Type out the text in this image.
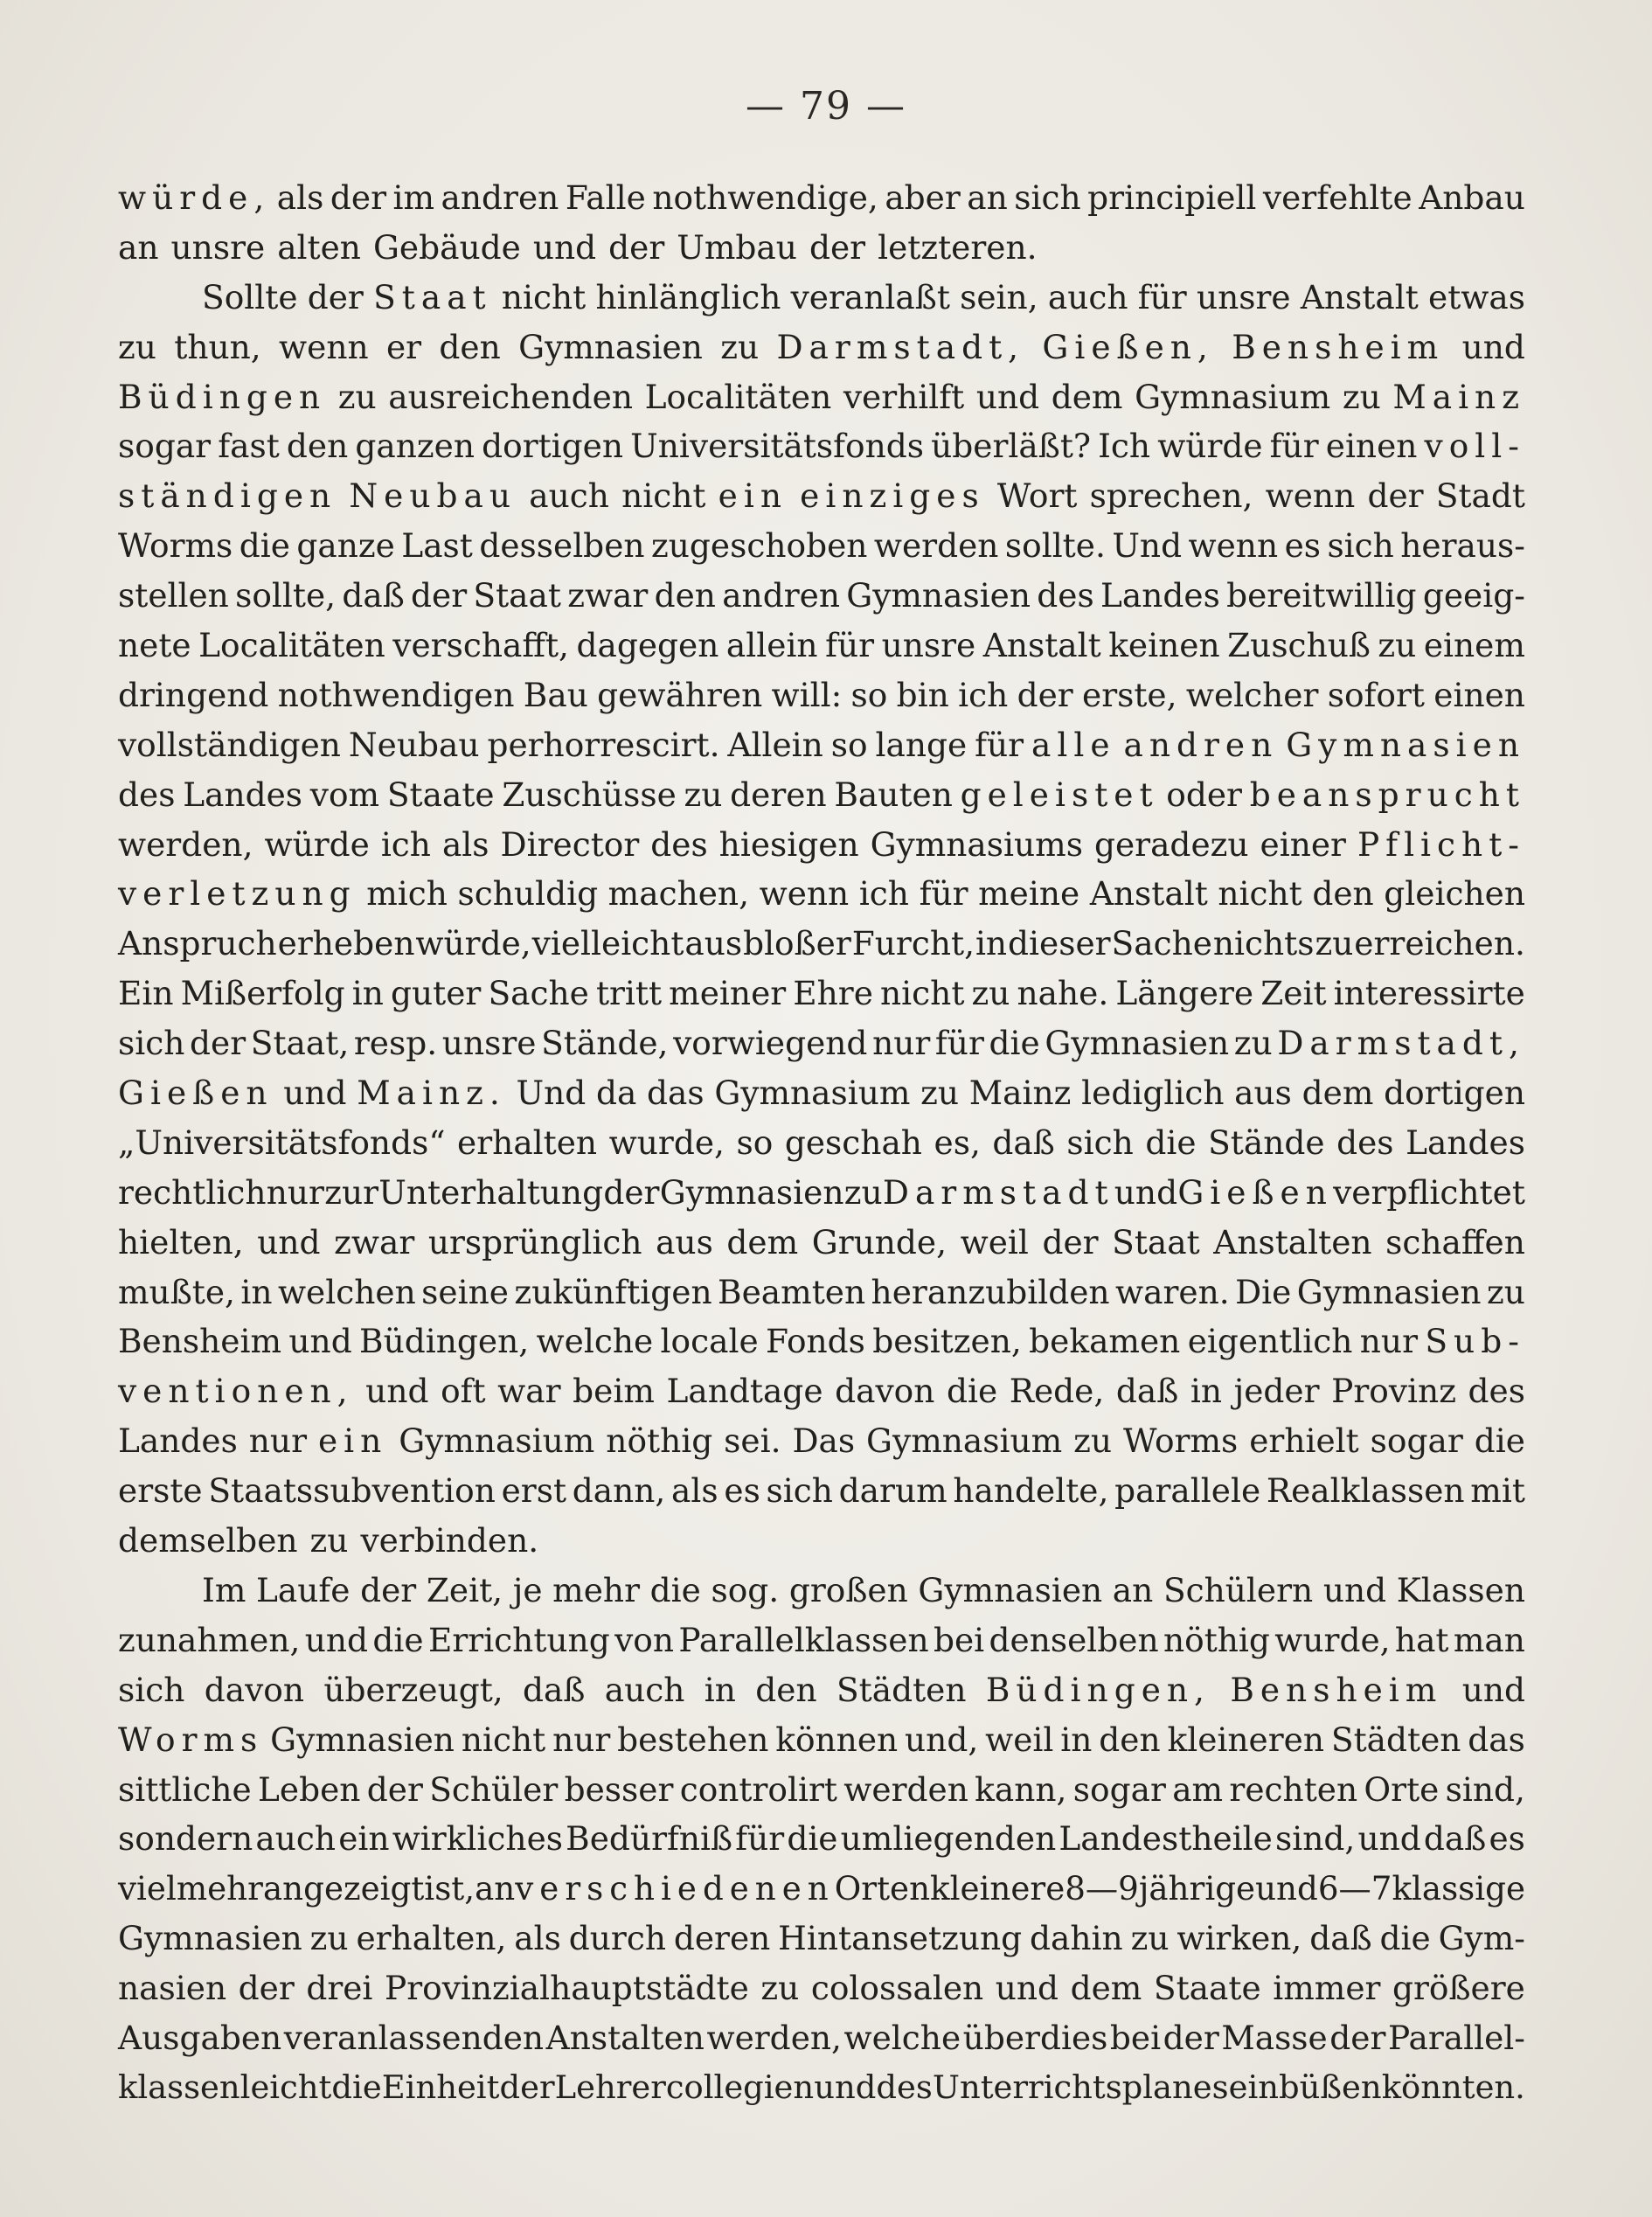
— 79 —
würde, als der im andren Falle nothwendige, aber an sich principiell verfehlte Anbau
an unsre alten Gebäude und der Umbau der letzteren.
Sollte der Staat nicht hinlänglich veranlaßt sein, auch für unsre Anstalt etwas
zu thun, wenn er den Gymnasien zu Darmstadt, Gießen, Bensheim und
Büdingen zu ausreichenden Localitäten verhilft und dem Gymnasium zu Mainz
sogar fast den ganzen dortigen Universitätsfonds überläßt? Ich würde für einen voll-
ständigen Neubau auch nicht ein einziges Wort sprechen, wenn der Stadt
Worms die ganze Last desselben zugeschoben werden sollte. Und wenn es sich heraus-
stellen sollte, daß der Staat zwar den andren Gymnasien des Landes bereitwillig geeig-
nete Localitäten verschafft, dagegen allein für unsre Anstalt keinen Zuschuß zu einem
dringend nothwendigen Bau gewähren will: so bin ich der erste, welcher sofort einen
vollständigen Neubau perhorrescirt. Allein so lange für alle andren Gymnasien
des Landes vom Staate Zuschüsse zu deren Bauten geleistet oder beansprucht
werden, würde ich als Director des hiesigen Gymnasiums geradezu einer Pflicht-
verletzung mich schuldig machen, wenn ich für meine Anstalt nicht den gleichen
Anspruch erheben würde, vielleicht aus bloßer Furcht, in dieser Sache nichts zu erreichen.
Ein Mißerfolg in guter Sache tritt meiner Ehre nicht zu nahe. Längere Zeit interessirte
sich der Staat, resp. unsre Stände, vorwiegend nur für die Gymnasien zu Darmstadt,
Gießen und Mainz. Und da das Gymnasium zu Mainz lediglich aus dem dortigen
„Universitätsfonds“ erhalten wurde, so geschah es, daß sich die Stände des Landes
rechtlich nur zur Unterhaltung der Gymnasien zu Darmstadt und Gießen verpflichtet
hielten, und zwar ursprünglich aus dem Grunde, weil der Staat Anstalten schaffen
mußte, in welchen seine zukünftigen Beamten heranzubilden waren. Die Gymnasien zu
Bensheim und Büdingen, welche locale Fonds besitzen, bekamen eigentlich nur Sub-
ventionen, und oft war beim Landtage davon die Rede, daß in jeder Provinz des
Landes nur ein Gymnasium nöthig sei. Das Gymnasium zu Worms erhielt sogar die
erste Staatssubvention erst dann, als es sich darum handelte, parallele Realklassen mit
demselben zu verbinden.
Im Laufe der Zeit, je mehr die sog. großen Gymnasien an Schülern und Klassen
zunahmen, und die Errichtung von Parallelklassen bei denselben nöthig wurde, hat man
sich davon überzeugt, daß auch in den Städten Büdingen, Bensheim und
Worms Gymnasien nicht nur bestehen können und, weil in den kleineren Städten das
sittliche Leben der Schüler besser controlirt werden kann, sogar am rechten Orte sind,
sondern auch ein wirkliches Bedürfniß für die umliegenden Landestheile sind, und daß es
vielmehr angezeigt ist, an verschiedenen Orten kleinere 8—9jährige und 6—7klassige
Gymnasien zu erhalten, als durch deren Hintansetzung dahin zu wirken, daß die Gym-
nasien der drei Provinzialhauptstädte zu colossalen und dem Staate immer größere
Ausgaben veranlassenden Anstalten werden, welche überdies bei der Masse der Parallel-
klassen leicht die Einheit der Lehrercollegien und des Unterrichtsplanes einbüßen könnten.
